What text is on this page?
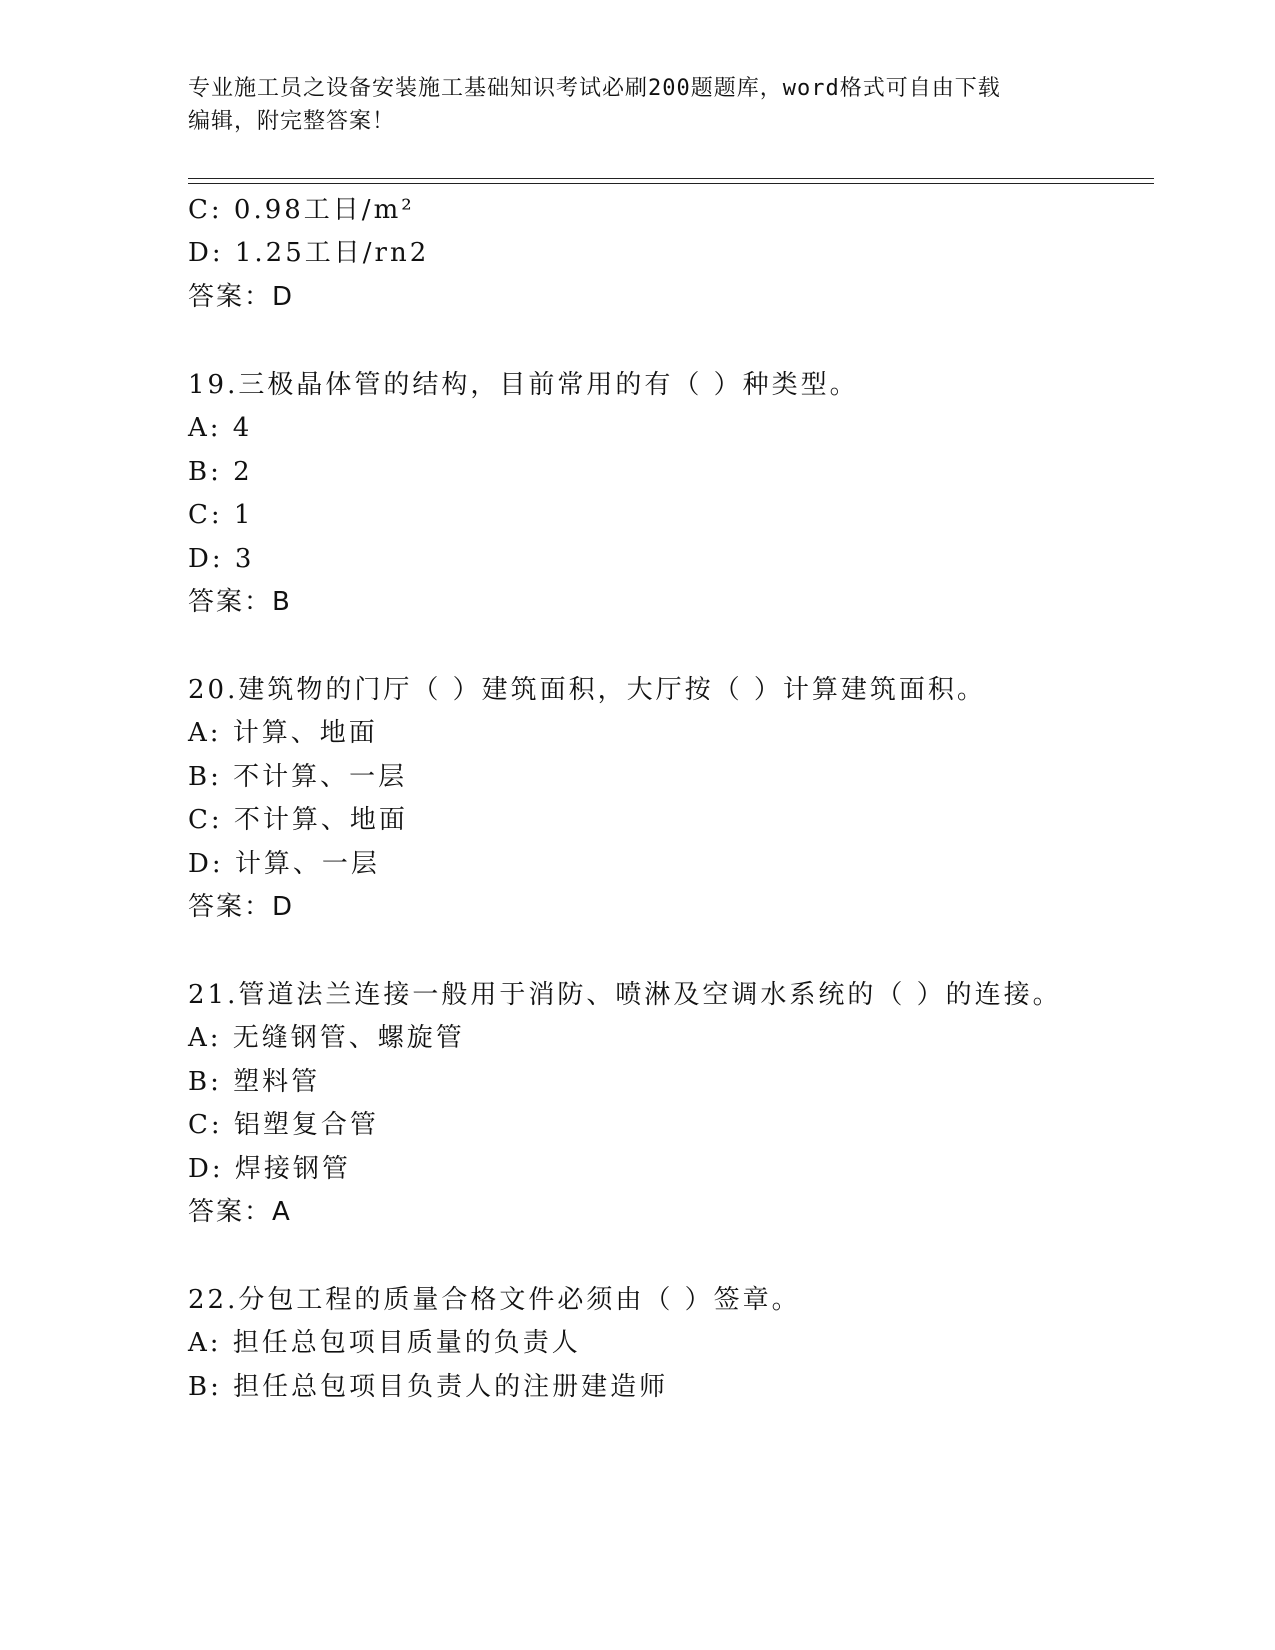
专业施工员之设备安装施工基础知识考试必刷200题题库，word格式可自由下载
编辑，附完整答案！
C: 0.98工日/m²
D: 1.25工日/rn2
答案：D
19.三极晶体管的结构，目前常用的有（ ）种类型。
A: 4
B: 2
C: 1
D: 3
答案：B
20.建筑物的门厅（ ）建筑面积，大厅按（ ）计算建筑面积。
A: 计算、地面
B: 不计算、一层
C: 不计算、地面
D: 计算、一层
答案：D
21.管道法兰连接一般用于消防、喷淋及空调水系统的（ ）的连接。
A: 无缝钢管、螺旋管
B: 塑料管
C: 铝塑复合管
D: 焊接钢管
答案：A
22.分包工程的质量合格文件必须由（ ）签章。
A: 担任总包项目质量的负责人
B: 担任总包项目负责人的注册建造师
